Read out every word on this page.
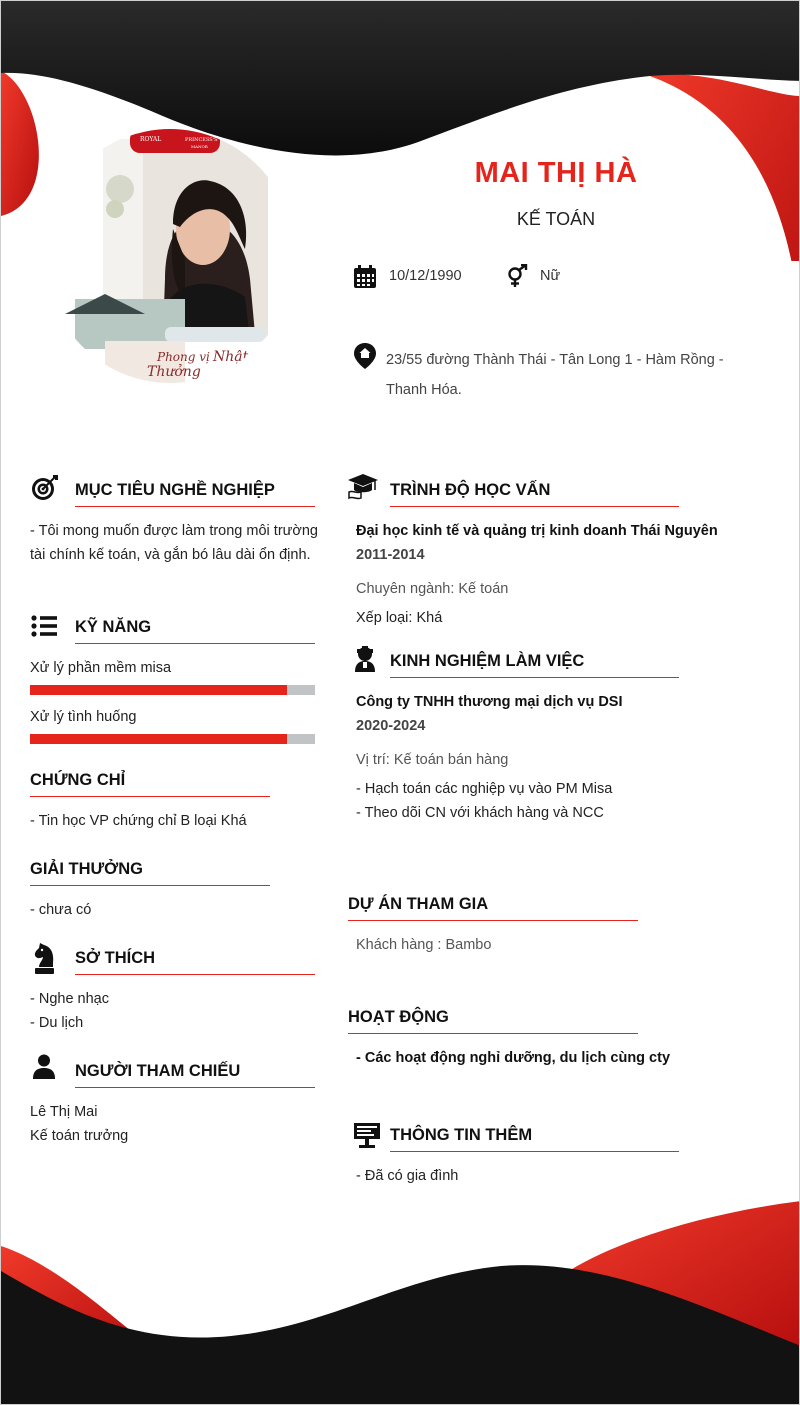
ROYAL	PRINCESS'S
MANOR
Phong vị Nhật
Thưởng
MAI THỊ HÀ
KẾ TOÁN
10/12/1990	Nữ
23/55 đường Thành Thái - Tân Long 1 - Hàm Rồng - Thanh Hóa.
MỤC TIÊU NGHỀ NGHIỆP
- Tôi mong muốn được làm trong môi trường tài chính kế toán, và gắn bó lâu dài ổn định.
KỸ NĂNG
Xử lý phần mềm misa
Xử lý tình huống
CHỨNG CHỈ
- Tin học VP chứng chỉ B loại Khá
GIẢI THƯỞNG
- chưa có
SỞ THÍCH
- Nghe nhạc
- Du lịch
NGƯỜI THAM CHIẾU
Lê Thị Mai
Kế toán trưởng
TRÌNH ĐỘ HỌC VẤN
Đại học kinh tế và quảng trị kinh doanh Thái Nguyên
2011-2014
Chuyên ngành: Kế toán
Xếp loại: Khá
KINH NGHIỆM LÀM VIỆC
Công ty TNHH thương mại dịch vụ DSI
2020-2024
Vị trí: Kế toán bán hàng
- Hạch toán các nghiệp vụ vào PM Misa
- Theo dõi CN với khách hàng và NCC
DỰ ÁN THAM GIA
Khách hàng : Bambo
HOẠT ĐỘNG
- Các hoạt động nghỉ dưỡng, du lịch cùng cty
THÔNG TIN THÊM
- Đã có gia đình
